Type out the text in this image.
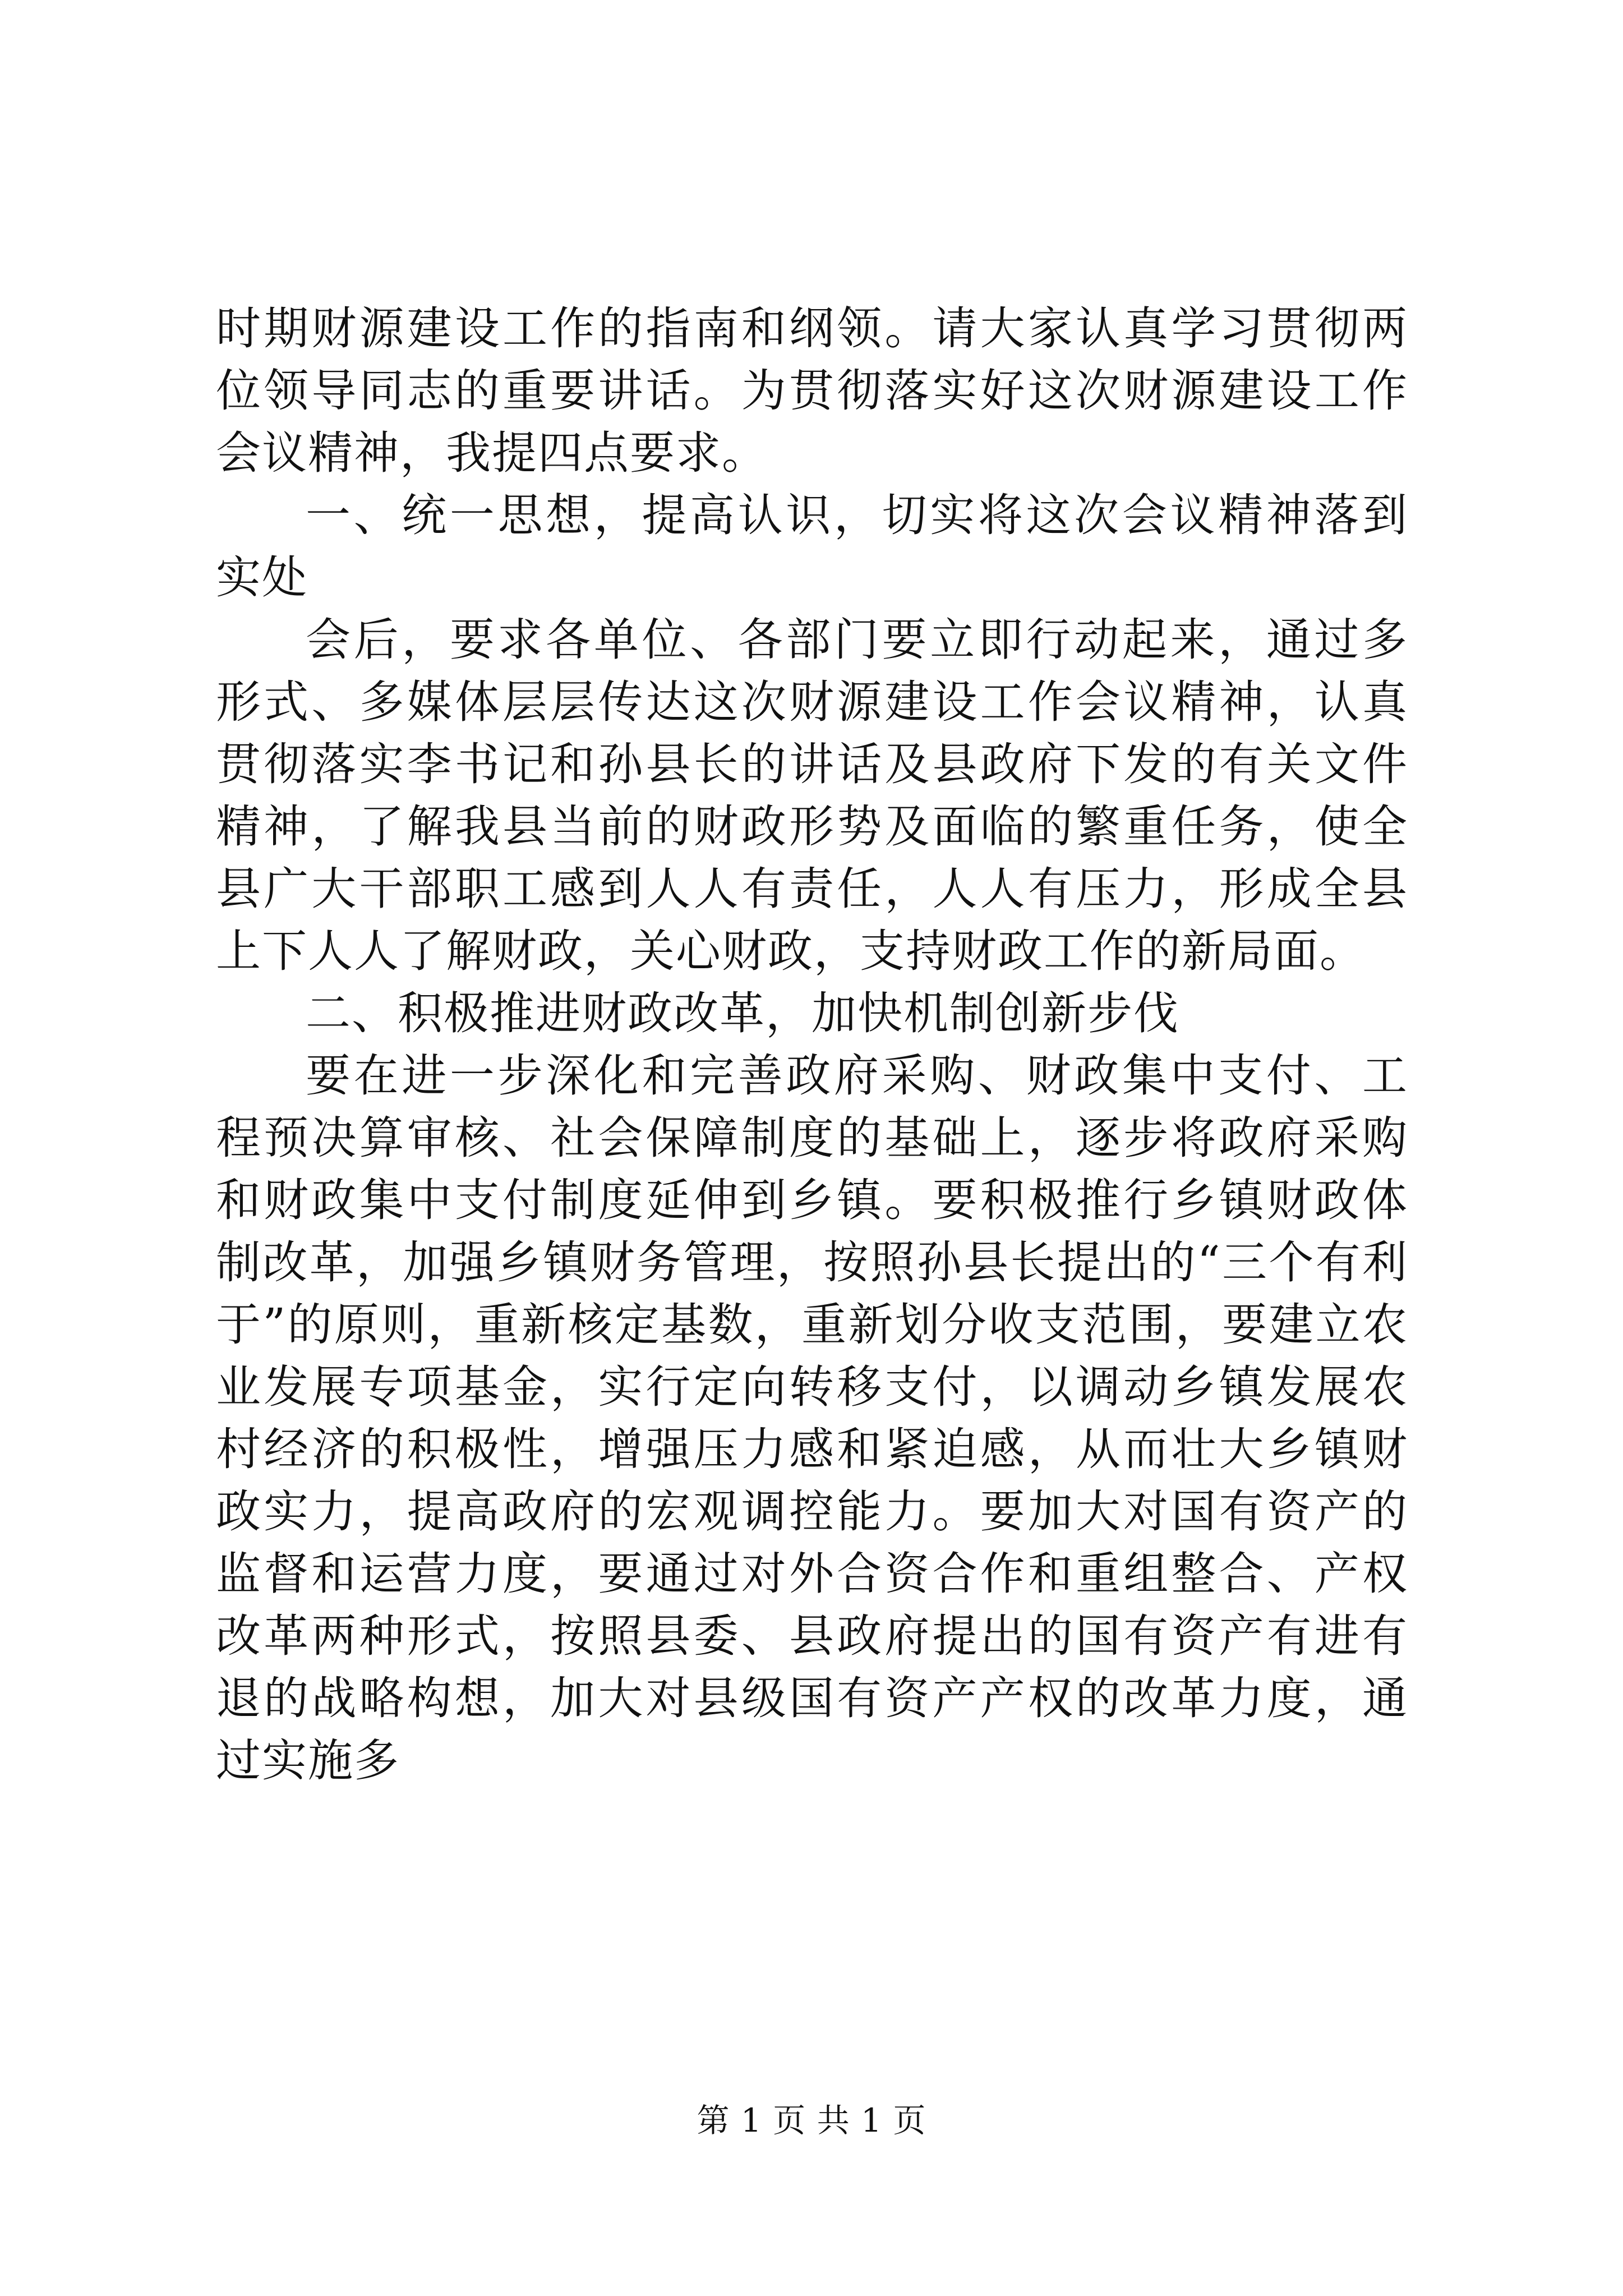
时期财源建设工作的指南和纲领。请大家认真学习贯彻两位领导同志的重要讲话。为贯彻落实好这次财源建设工作会议精神，我提四点要求。

一、统一思想，提高认识，切实将这次会议精神落到实处

会后，要求各单位、各部门要立即行动起来，通过多形式、多媒体层层传达这次财源建设工作会议精神，认真贯彻落实李书记和孙县长的讲话及县政府下发的有关文件精神，了解我县当前的财政形势及面临的繁重任务，使全县广大干部职工感到人人有责任，人人有压力，形成全县上下人人了解财政，关心财政，支持财政工作的新局面。

二、积极推进财政改革，加快机制创新步伐

要在进一步深化和完善政府采购、财政集中支付、工程预决算审核、社会保障制度的基础上，逐步将政府采购和财政集中支付制度延伸到乡镇。要积极推行乡镇财政体制改革，加强乡镇财务管理，按照孙县长提出的“三个有利于”的原则，重新核定基数，重新划分收支范围，要建立农业发展专项基金，实行定向转移支付，以调动乡镇发展农村经济的积极性，增强压力感和紧迫感，从而壮大乡镇财政实力，提高政府的宏观调控能力。要加大对国有资产的监督和运营力度，要通过对外合资合作和重组整合、产权改革两种形式，按照县委、县政府提出的国有资产有进有退的战略构想，加大对县级国有资产产权的改革力度，通过实施多

第 1 页 共 1 页
